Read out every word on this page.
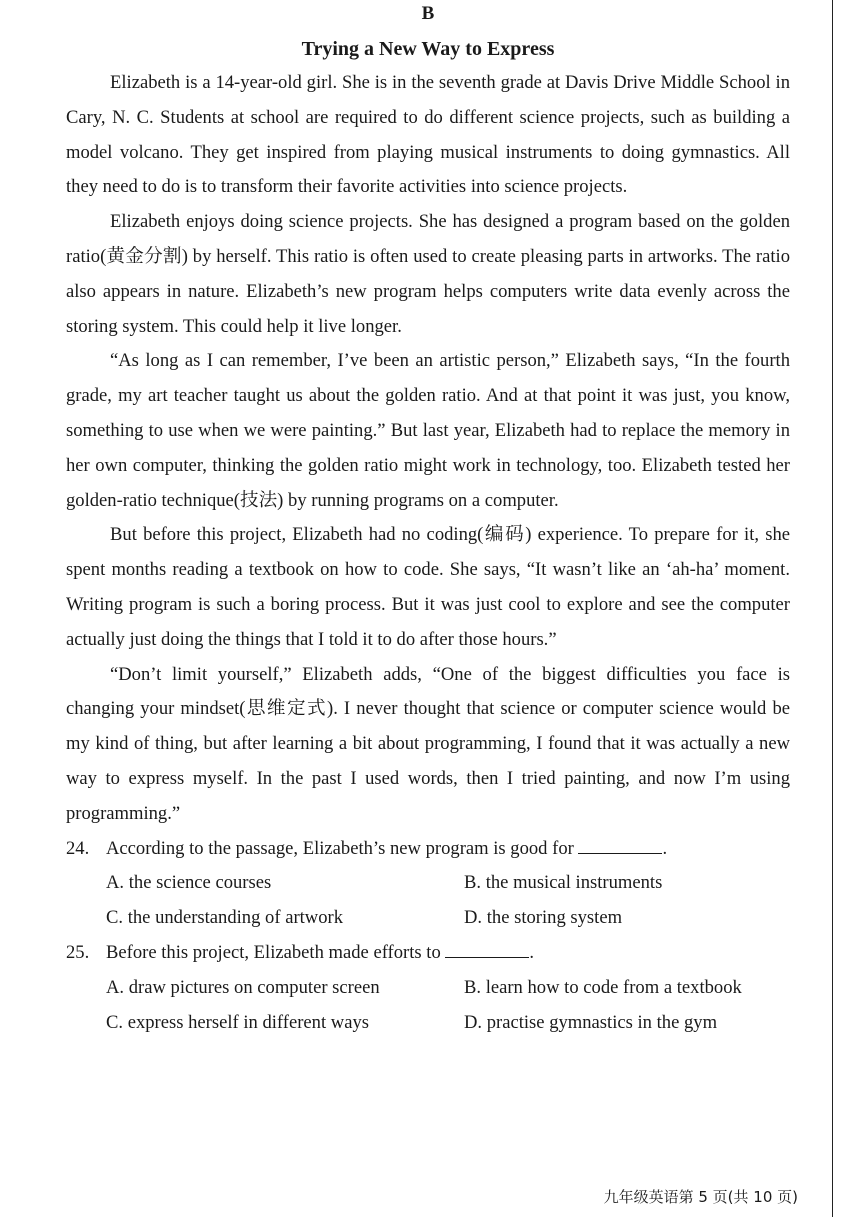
B

Trying a New Way to Express

Elizabeth is a 14-year-old girl. She is in the seventh grade at Davis Drive Middle School in Cary, N. C. Students at school are required to do different science projects, such as building a model volcano. They get inspired from playing musical instruments to doing gymnastics. All they need to do is to transform their favorite activities into science projects.

Elizabeth enjoys doing science projects. She has designed a program based on the golden ratio(黄金分割) by herself. This ratio is often used to create pleasing parts in artworks. The ratio also appears in nature. Elizabeth’s new program helps computers write data evenly across the storing system. This could help it live longer.

“As long as I can remember, I’ve been an artistic person,” Elizabeth says, “In the fourth grade, my art teacher taught us about the golden ratio. And at that point it was just, you know, something to use when we were painting.” But last year, Elizabeth had to replace the memory in her own computer, thinking the golden ratio might work in technology, too. Elizabeth tested her golden-ratio technique(技法) by running programs on a computer.

But before this project, Elizabeth had no coding(编码) experience. To prepare for it, she spent months reading a textbook on how to code. She says, “It wasn’t like an ‘ah-ha’ moment. Writing program is such a boring process. But it was just cool to explore and see the computer actually just doing the things that I told it to do after those hours.”

“Don’t limit yourself,” Elizabeth adds, “One of the biggest difficulties you face is changing your mindset(思维定式). I never thought that science or computer science would be my kind of thing, but after learning a bit about programming, I found that it was actually a new way to express myself. In the past I used words, then I tried painting, and now I’m using programming.”

24. According to the passage, Elizabeth’s new program is good for	.

A. the science courses	B. the musical instruments
C. the understanding of artwork	D. the storing system

25. Before this project, Elizabeth made efforts to	.

A. draw pictures on computer screen	B. learn how to code from a textbook
C. express herself in different ways	D. practise gymnastics in the gym
九年级英语第 5 页(共 10 页)
